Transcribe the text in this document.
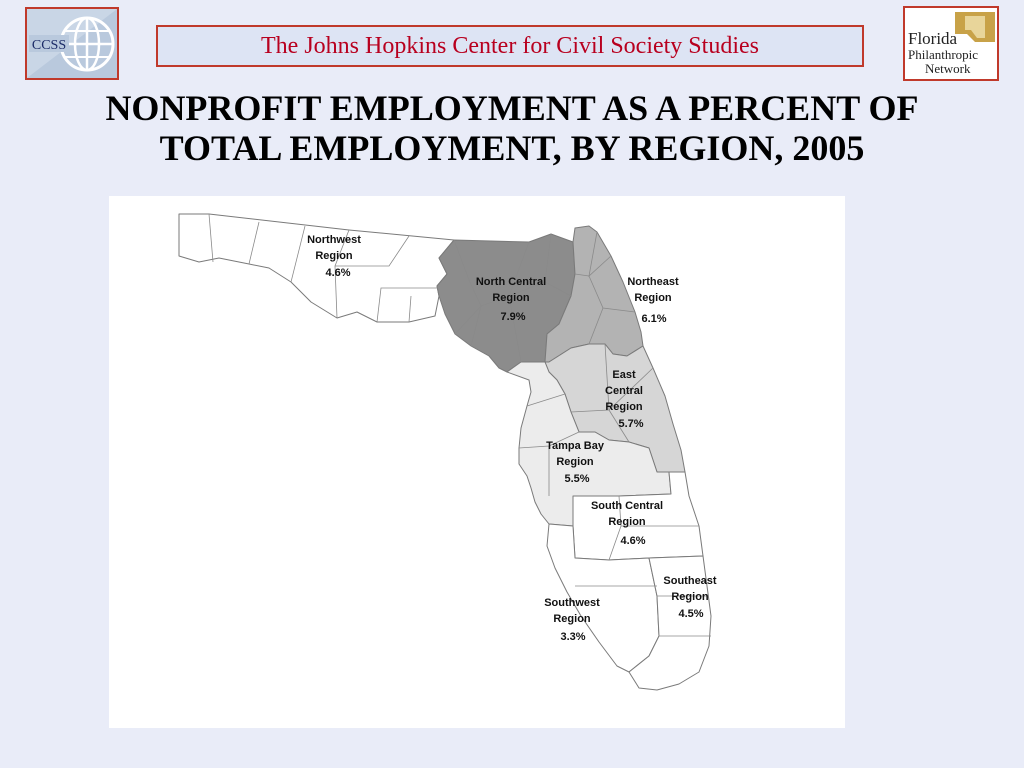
CCSS	The Johns Hopkins Center for Civil Society Studies	Florida
Philanthropic
Network
NONPROFIT EMPLOYMENT AS A PERCENT OF
TOTAL EMPLOYMENT, BY REGION, 2005
Northwest
Region
4.6%
North Central
Region
7.9%
Northeast
Region
6.1%
East
Central
Region
5.7%
Tampa Bay
Region
5.5%
South Central
Region
4.6%
Southwest
Region
3.3%
Southeast
Region
4.5%
